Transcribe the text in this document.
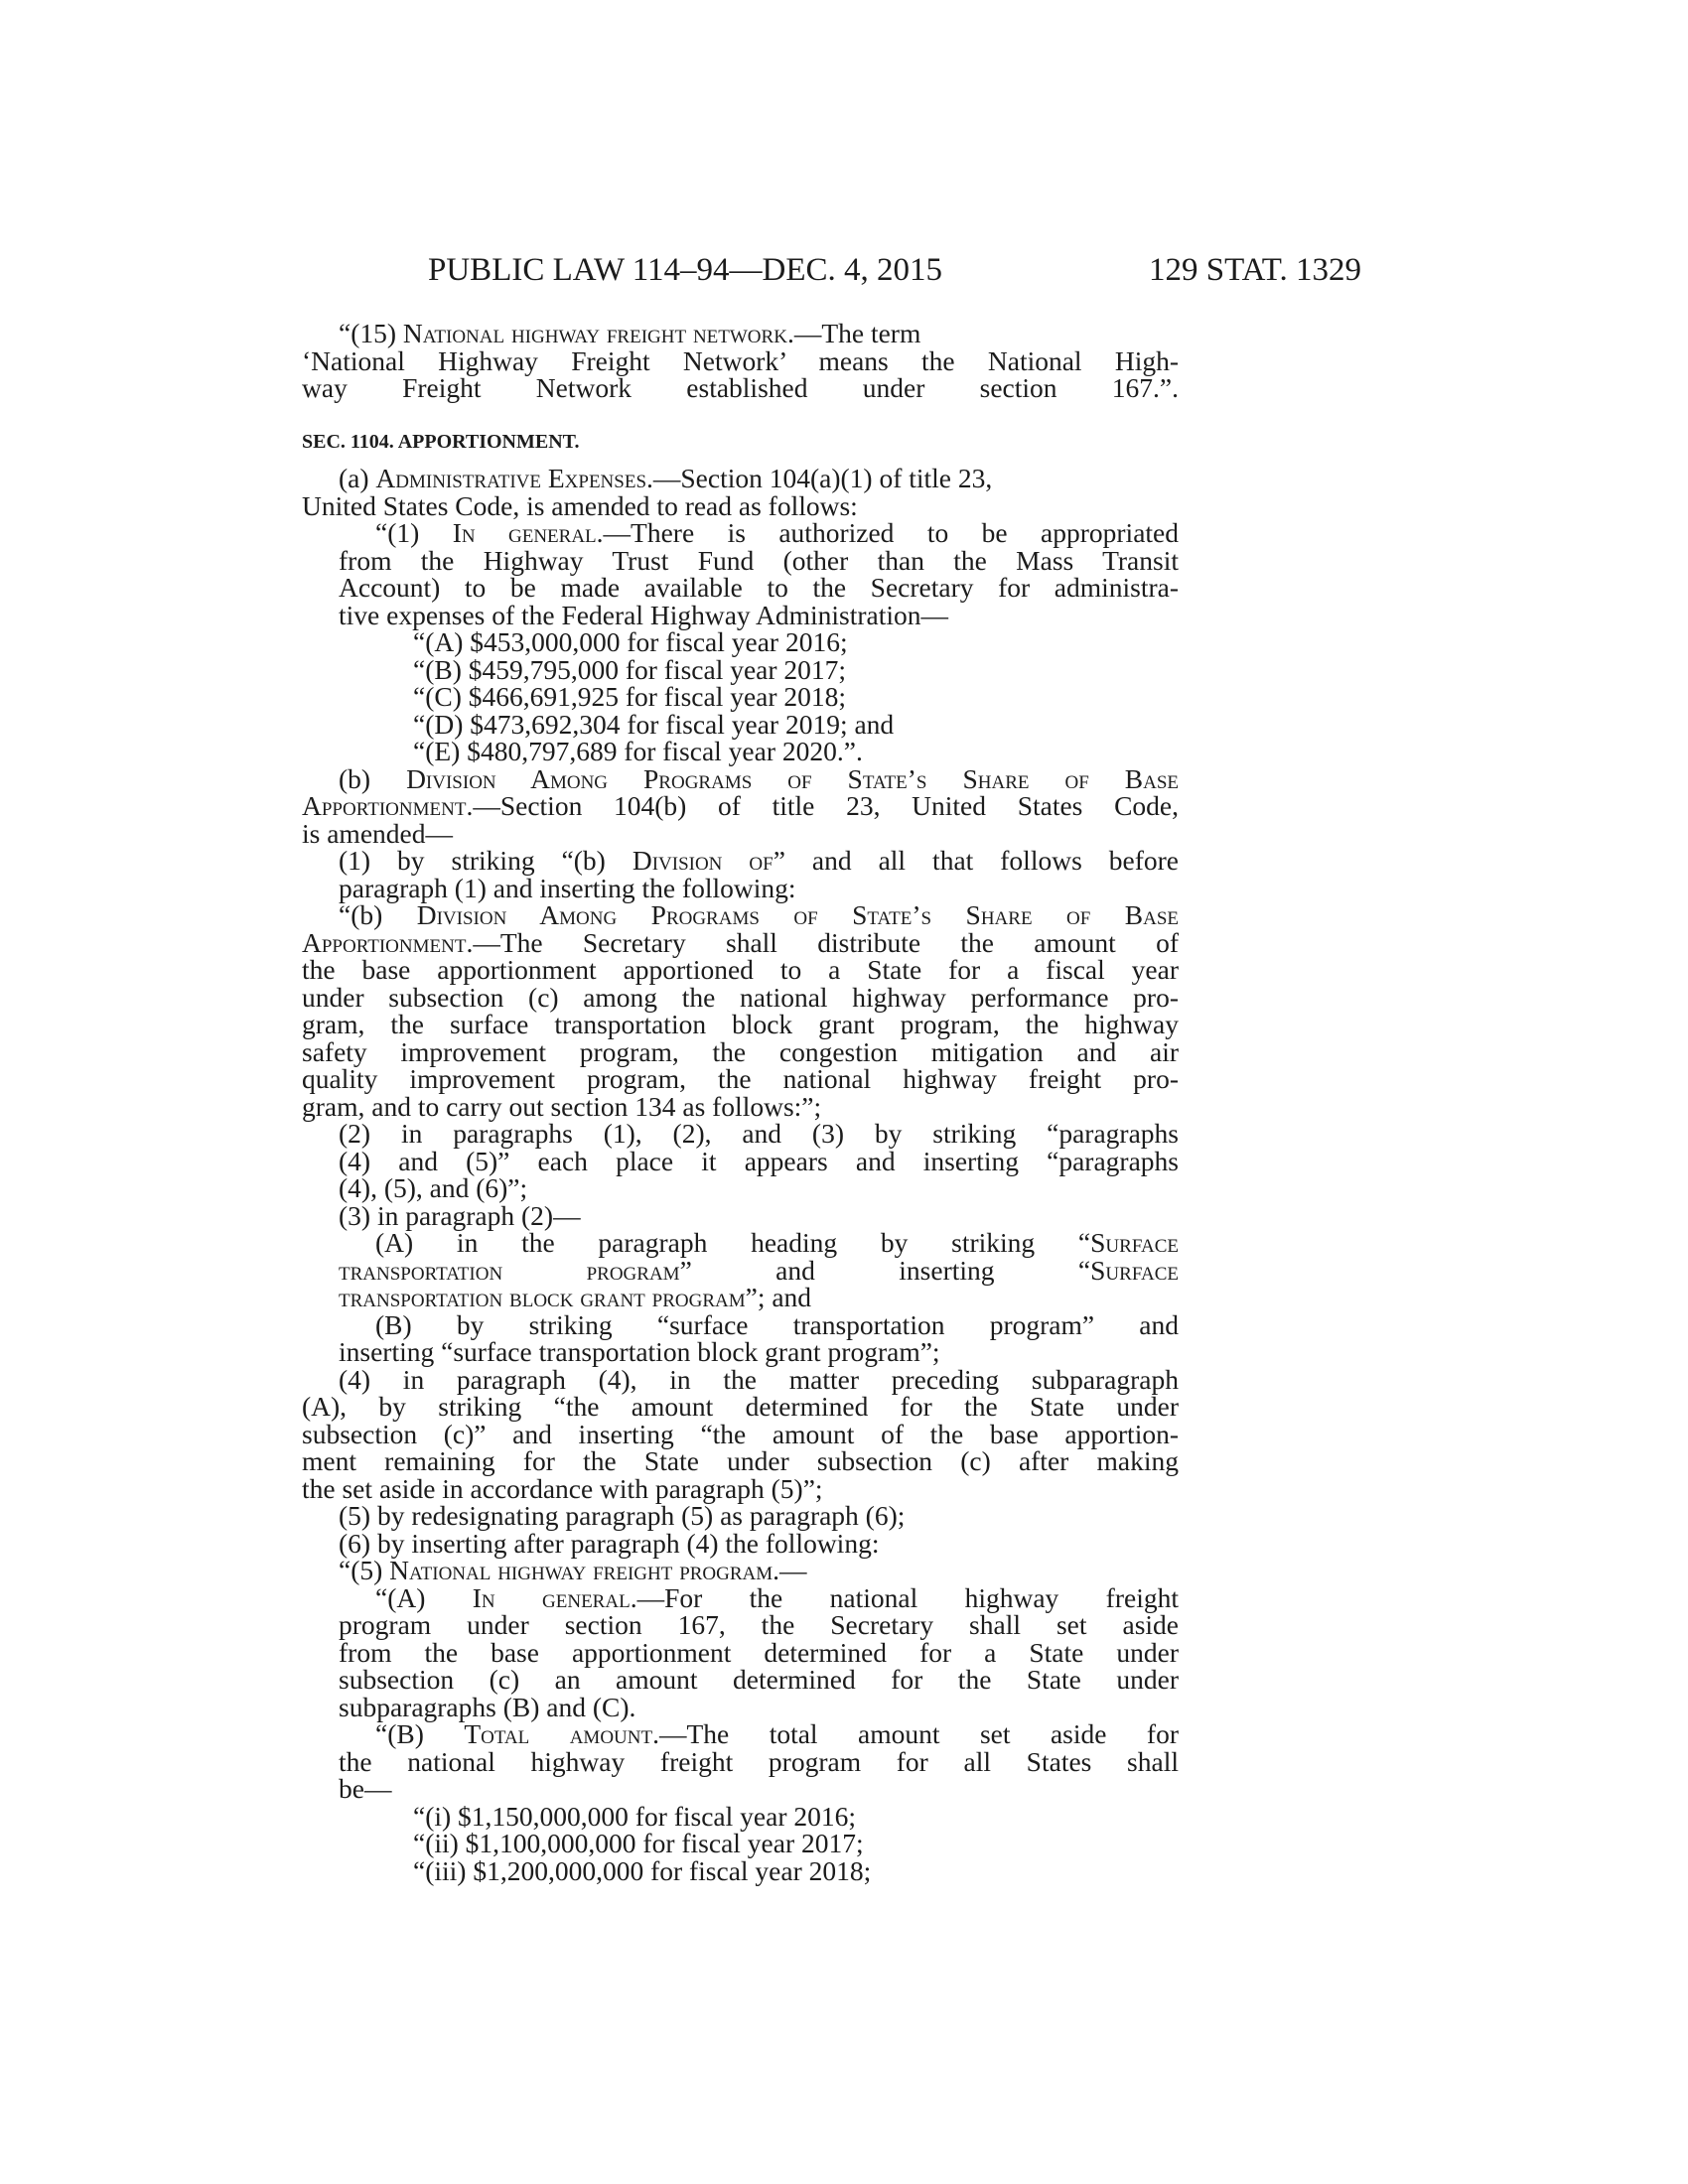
PUBLIC LAW 114–94—DEC. 4, 2015	129 STAT. 1329
“(15) National highway freight network.—The term
‘National Highway Freight Network’ means the National High-
way Freight Network established under section 167.”.
SEC. 1104. APPORTIONMENT.
(a) Administrative Expenses.—Section 104(a)(1) of title 23,
United States Code, is amended to read as follows:
“(1) In general.—There is authorized to be appropriated
from the Highway Trust Fund (other than the Mass Transit
Account) to be made available to the Secretary for administra-
tive expenses of the Federal Highway Administration—
“(A) $453,000,000 for fiscal year 2016;
“(B) $459,795,000 for fiscal year 2017;
“(C) $466,691,925 for fiscal year 2018;
“(D) $473,692,304 for fiscal year 2019; and
“(E) $480,797,689 for fiscal year 2020.”.
(b) Division Among Programs of State’s Share of Base
Apportionment.—Section 104(b) of title 23, United States Code,
is amended—
(1) by striking “(b) Division of” and all that follows before
paragraph (1) and inserting the following:
“(b) Division Among Programs of State’s Share of Base
Apportionment.—The Secretary shall distribute the amount of
the base apportionment apportioned to a State for a fiscal year
under subsection (c) among the national highway performance pro-
gram, the surface transportation block grant program, the highway
safety improvement program, the congestion mitigation and air
quality improvement program, the national highway freight pro-
gram, and to carry out section 134 as follows:”;
(2) in paragraphs (1), (2), and (3) by striking “paragraphs
(4) and (5)” each place it appears and inserting “paragraphs
(4), (5), and (6)”;
(3) in paragraph (2)—
(A) in the paragraph heading by striking “Surface
transportation program” and inserting “Surface
transportation block grant program”; and
(B) by striking “surface transportation program” and
inserting “surface transportation block grant program”;
(4) in paragraph (4), in the matter preceding subparagraph
(A), by striking “the amount determined for the State under
subsection (c)” and inserting “the amount of the base apportion-
ment remaining for the State under subsection (c) after making
the set aside in accordance with paragraph (5)”;
(5) by redesignating paragraph (5) as paragraph (6);
(6) by inserting after paragraph (4) the following:
“(5) National highway freight program.—
“(A) In general.—For the national highway freight
program under section 167, the Secretary shall set aside
from the base apportionment determined for a State under
subsection (c) an amount determined for the State under
subparagraphs (B) and (C).
“(B) Total amount.—The total amount set aside for
the national highway freight program for all States shall
be—
“(i) $1,150,000,000 for fiscal year 2016;
“(ii) $1,100,000,000 for fiscal year 2017;
“(iii) $1,200,000,000 for fiscal year 2018;
